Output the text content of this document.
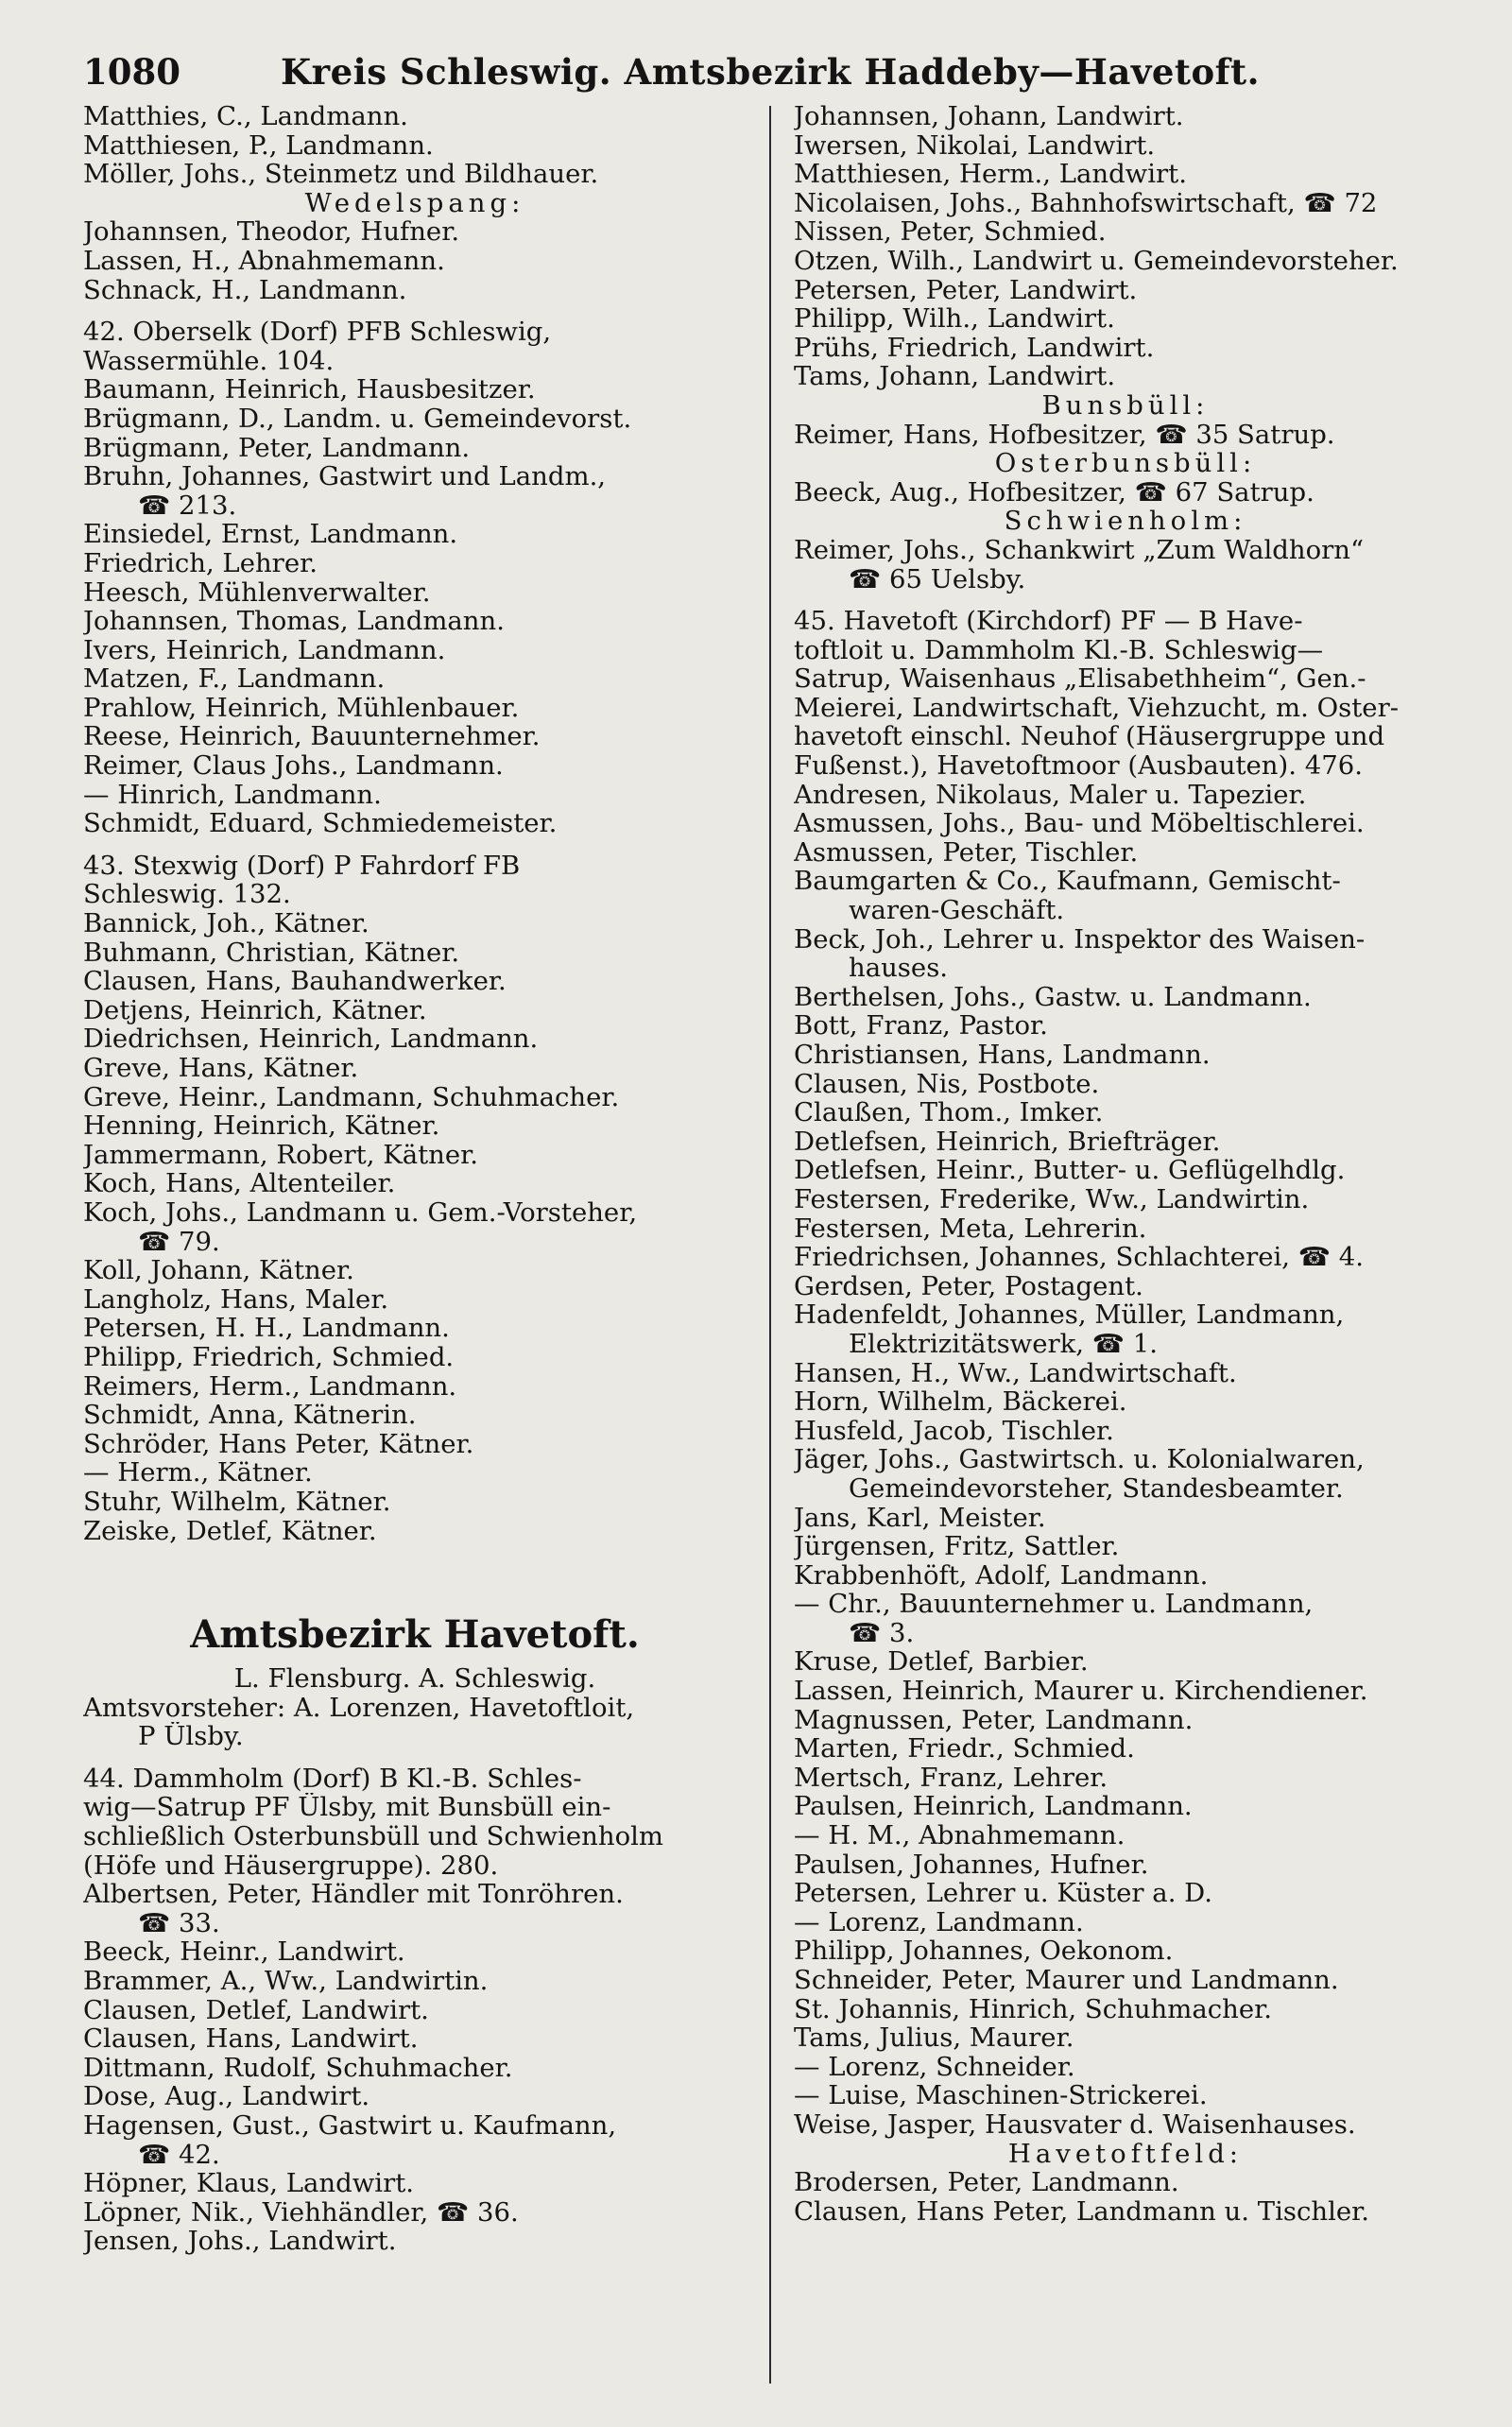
1080	Kreis Schleswig. Amtsbezirk Haddeby—Havetoft.
Matthies, C., Landmann.
Matthiesen, P., Landmann.
Möller, Johs., Steinmetz und Bildhauer.
Wedelspang:
Johannsen, Theodor, Hufner.
Lassen, H., Abnahmemann.
Schnack, H., Landmann.
42. Oberselk (Dorf) PFB Schleswig,
Wassermühle. 104.
Baumann, Heinrich, Hausbesitzer.
Brügmann, D., Landm. u. Gemeindevorst.
Brügmann, Peter, Landmann.
Bruhn, Johannes, Gastwirt und Landm.,
☎ 213.
Einsiedel, Ernst, Landmann.
Friedrich, Lehrer.
Heesch, Mühlenverwalter.
Johannsen, Thomas, Landmann.
Ivers, Heinrich, Landmann.
Matzen, F., Landmann.
Prahlow, Heinrich, Mühlenbauer.
Reese, Heinrich, Bauunternehmer.
Reimer, Claus Johs., Landmann.
— Hinrich, Landmann.
Schmidt, Eduard, Schmiedemeister.
43. Stexwig (Dorf) P Fahrdorf FB
Schleswig. 132.
Bannick, Joh., Kätner.
Buhmann, Christian, Kätner.
Clausen, Hans, Bauhandwerker.
Detjens, Heinrich, Kätner.
Diedrichsen, Heinrich, Landmann.
Greve, Hans, Kätner.
Greve, Heinr., Landmann, Schuhmacher.
Henning, Heinrich, Kätner.
Jammermann, Robert, Kätner.
Koch, Hans, Altenteiler.
Koch, Johs., Landmann u. Gem.-Vorsteher,
☎ 79.
Koll, Johann, Kätner.
Langholz, Hans, Maler.
Petersen, H. H., Landmann.
Philipp, Friedrich, Schmied.
Reimers, Herm., Landmann.
Schmidt, Anna, Kätnerin.
Schröder, Hans Peter, Kätner.
— Herm., Kätner.
Stuhr, Wilhelm, Kätner.
Zeiske, Detlef, Kätner.
Amtsbezirk Havetoft.
L. Flensburg. A. Schleswig.
Amtsvorsteher: A. Lorenzen, Havetoftloit,
P Ülsby.
44. Dammholm (Dorf) B Kl.-B. Schles-
wig—Satrup PF Ülsby, mit Bunsbüll ein-
schließlich Osterbunsbüll und Schwienholm
(Höfe und Häusergruppe). 280.
Albertsen, Peter, Händler mit Tonröhren.
☎ 33.
Beeck, Heinr., Landwirt.
Brammer, A., Ww., Landwirtin.
Clausen, Detlef, Landwirt.
Clausen, Hans, Landwirt.
Dittmann, Rudolf, Schuhmacher.
Dose, Aug., Landwirt.
Hagensen, Gust., Gastwirt u. Kaufmann,
☎ 42.
Höpner, Klaus, Landwirt.
Löpner, Nik., Viehhändler, ☎ 36.
Jensen, Johs., Landwirt.
Johannsen, Johann, Landwirt.
Iwersen, Nikolai, Landwirt.
Matthiesen, Herm., Landwirt.
Nicolaisen, Johs., Bahnhofswirtschaft, ☎ 72
Nissen, Peter, Schmied.
Otzen, Wilh., Landwirt u. Gemeindevorsteher.
Petersen, Peter, Landwirt.
Philipp, Wilh., Landwirt.
Prühs, Friedrich, Landwirt.
Tams, Johann, Landwirt.
Bunsbüll:
Reimer, Hans, Hofbesitzer, ☎ 35 Satrup.
Osterbunsbüll:
Beeck, Aug., Hofbesitzer, ☎ 67 Satrup.
Schwienholm:
Reimer, Johs., Schankwirt „Zum Waldhorn“
☎ 65 Uelsby.
45. Havetoft (Kirchdorf) PF — B Have-
toftloit u. Dammholm Kl.-B. Schleswig—
Satrup, Waisenhaus „Elisabethheim“, Gen.-
Meierei, Landwirtschaft, Viehzucht, m. Oster-
havetoft einschl. Neuhof (Häusergruppe und
Fußenst.), Havetoftmoor (Ausbauten). 476.
Andresen, Nikolaus, Maler u. Tapezier.
Asmussen, Johs., Bau- und Möbeltischlerei.
Asmussen, Peter, Tischler.
Baumgarten & Co., Kaufmann, Gemischt-
waren-Geschäft.
Beck, Joh., Lehrer u. Inspektor des Waisen-
hauses.
Berthelsen, Johs., Gastw. u. Landmann.
Bott, Franz, Pastor.
Christiansen, Hans, Landmann.
Clausen, Nis, Postbote.
Claußen, Thom., Imker.
Detlefsen, Heinrich, Briefträger.
Detlefsen, Heinr., Butter- u. Geflügelhdlg.
Festersen, Frederike, Ww., Landwirtin.
Festersen, Meta, Lehrerin.
Friedrichsen, Johannes, Schlachterei, ☎ 4.
Gerdsen, Peter, Postagent.
Hadenfeldt, Johannes, Müller, Landmann,
Elektrizitätswerk, ☎ 1.
Hansen, H., Ww., Landwirtschaft.
Horn, Wilhelm, Bäckerei.
Husfeld, Jacob, Tischler.
Jäger, Johs., Gastwirtsch. u. Kolonialwaren,
Gemeindevorsteher, Standesbeamter.
Jans, Karl, Meister.
Jürgensen, Fritz, Sattler.
Krabbenhöft, Adolf, Landmann.
— Chr., Bauunternehmer u. Landmann,
☎ 3.
Kruse, Detlef, Barbier.
Lassen, Heinrich, Maurer u. Kirchendiener.
Magnussen, Peter, Landmann.
Marten, Friedr., Schmied.
Mertsch, Franz, Lehrer.
Paulsen, Heinrich, Landmann.
— H. M., Abnahmemann.
Paulsen, Johannes, Hufner.
Petersen, Lehrer u. Küster a. D.
— Lorenz, Landmann.
Philipp, Johannes, Oekonom.
Schneider, Peter, Maurer und Landmann.
St. Johannis, Hinrich, Schuhmacher.
Tams, Julius, Maurer.
— Lorenz, Schneider.
— Luise, Maschinen-Strickerei.
Weise, Jasper, Hausvater d. Waisenhauses.
Havetoftfeld:
Brodersen, Peter, Landmann.
Clausen, Hans Peter, Landmann u. Tischler.
